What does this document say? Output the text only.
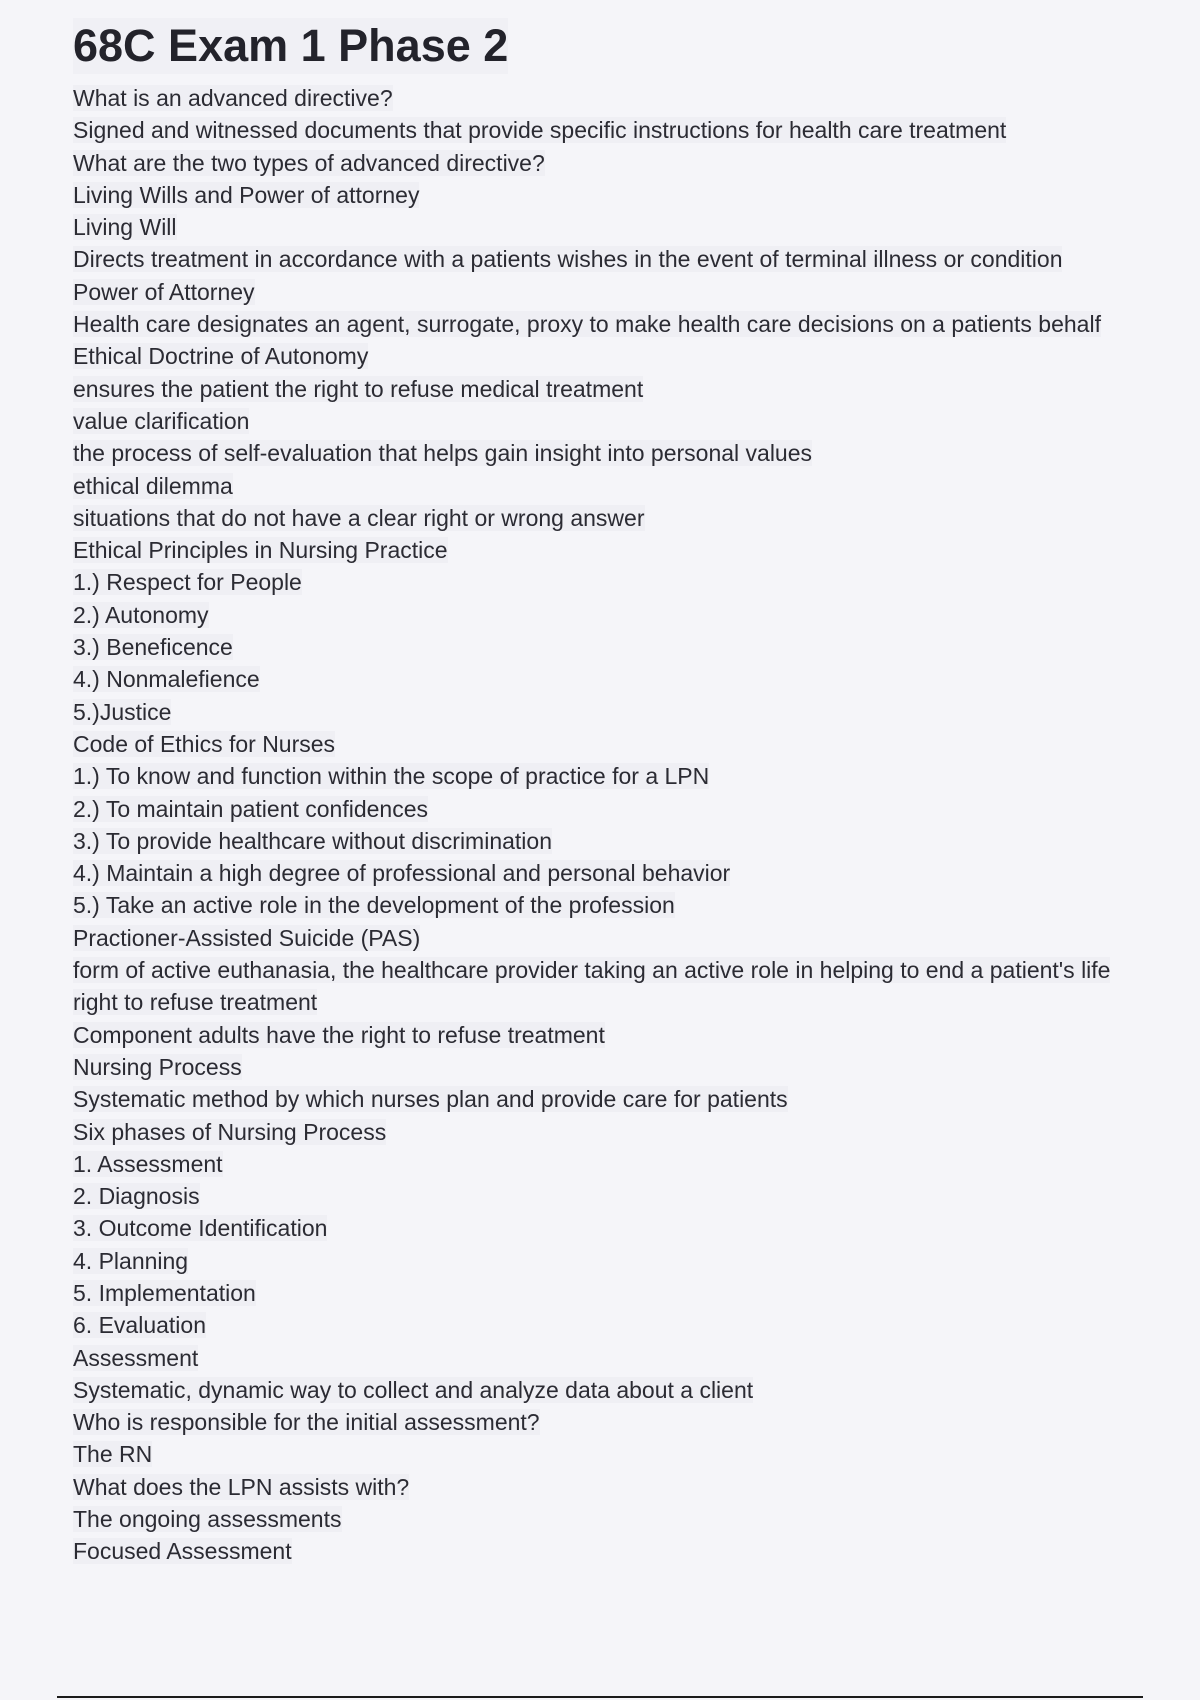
68C Exam 1 Phase 2
What is an advanced directive?
Signed and witnessed documents that provide specific instructions for health care treatment
What are the two types of advanced directive?
Living Wills and Power of attorney
Living Will
Directs treatment in accordance with a patients wishes in the event of terminal illness or condition
Power of Attorney
Health care designates an agent, surrogate, proxy to make health care decisions on a patients behalf
Ethical Doctrine of Autonomy
ensures the patient the right to refuse medical treatment
value clarification
the process of self-evaluation that helps gain insight into personal values
ethical dilemma
situations that do not have a clear right or wrong answer
Ethical Principles in Nursing Practice
1.) Respect for People
2.) Autonomy
3.) Beneficence
4.) Nonmalefience
5.)Justice
Code of Ethics for Nurses
1.) To know and function within the scope of practice for a LPN
2.) To maintain patient confidences
3.) To provide healthcare without discrimination
4.) Maintain a high degree of professional and personal behavior
5.) Take an active role in the development of the profession
Practioner-Assisted Suicide (PAS)
form of active euthanasia, the healthcare provider taking an active role in helping to end a patient's life
right to refuse treatment
Component adults have the right to refuse treatment
Nursing Process
Systematic method by which nurses plan and provide care for patients
Six phases of Nursing Process
1. Assessment
2. Diagnosis
3. Outcome Identification
4. Planning
5. Implementation
6. Evaluation
Assessment
Systematic, dynamic way to collect and analyze data about a client
Who is responsible for the initial assessment?
The RN
What does the LPN assists with?
The ongoing assessments
Focused Assessment
